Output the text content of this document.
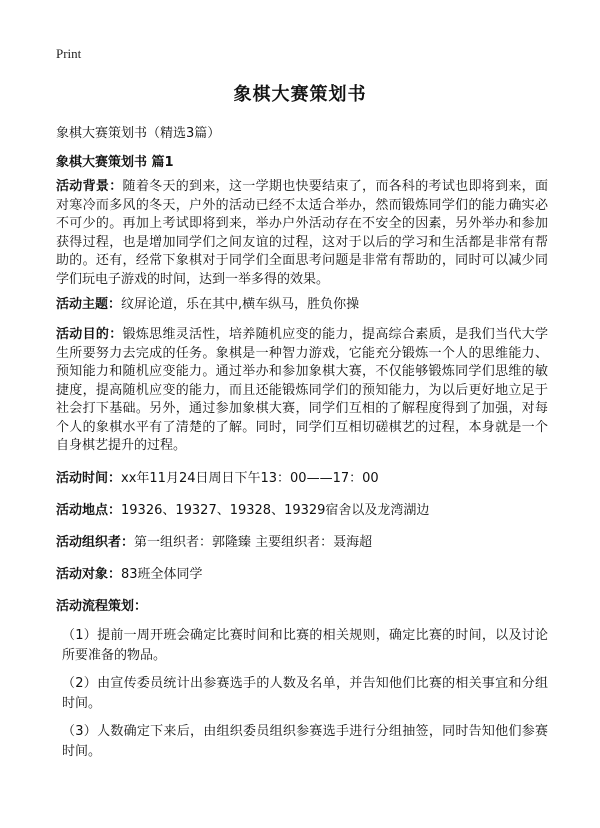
Print
象棋大赛策划书
象棋大赛策划书（精选3篇）
象棋大赛策划书 篇1
活动背景：随着冬天的到来，这一学期也快要结束了，而各科的考试也即将到来，面对寒冷而多风的冬天，户外的活动已经不太适合举办，然而锻炼同学们的能力确实必不可少的。再加上考试即将到来，举办户外活动存在不安全的因素，另外举办和参加获得过程，也是增加同学们之间友谊的过程，这对于以后的学习和生活都是非常有帮助的。还有，经常下象棋对于同学们全面思考问题是非常有帮助的，同时可以减少同学们玩电子游戏的时间，达到一举多得的效果。
活动主题：纹屏论道，乐在其中,横车纵马，胜负你操
活动目的：锻炼思维灵活性，培养随机应变的能力，提高综合素质，是我们当代大学生所要努力去完成的任务。象棋是一种智力游戏，它能充分锻炼一个人的思维能力、预知能力和随机应变能力。通过举办和参加象棋大赛，不仅能够锻炼同学们思维的敏捷度，提高随机应变的能力，而且还能锻炼同学们的预知能力，为以后更好地立足于社会打下基础。另外，通过参加象棋大赛，同学们互相的了解程度得到了加强，对每个人的象棋水平有了清楚的了解。同时，同学们互相切磋棋艺的过程，本身就是一个自身棋艺提升的过程。
活动时间：xx年11月24日周日下午13：00——17：00
活动地点：19326、19327、19328、19329宿舍以及龙湾湖边
活动组织者：第一组织者：郭隆臻 主要组织者：聂海超
活动对象：83班全体同学
活动流程策划：
（1）提前一周开班会确定比赛时间和比赛的相关规则，确定比赛的时间，以及讨论所要准备的物品。
（2）由宣传委员统计出参赛选手的人数及名单，并告知他们比赛的相关事宜和分组时间。
（3）人数确定下来后，由组织委员组织参赛选手进行分组抽签，同时告知他们参赛时间。
